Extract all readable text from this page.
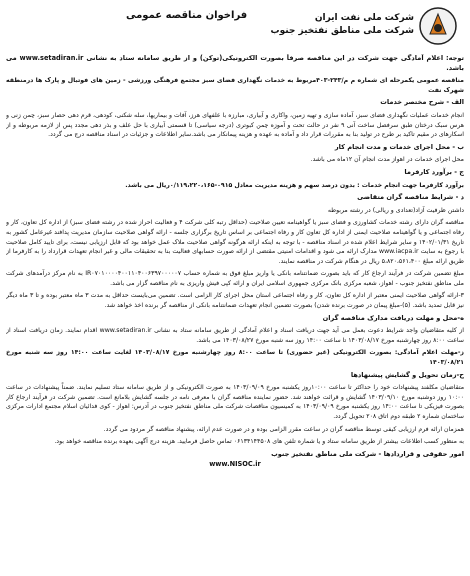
شرکت ملی نفت ایران
شرکت ملی مناطق نفتخیز جنوب
فراخوان مناقصه عمومی

توجه: اعلام آمادگی جهت شرکت در این مناقصه صرفاً بصورت الکترونیکی(توکن) و از طریق سامانه ستاد به نشانی www.setadiran.ir می باشد.

مناقصه عمومی یکمرحله ای شماره م م/۲۴۳-۴۰۳مربوط به خدمات نگهداری فضای سبز مجتمع فرهنگی ورزشی - زمین های فوتبال و پارک ها درمنطقه شهرک نفت

الف - شرح مختصر خدمات

انجام خدمات عملیات نگهداری فضای سبز، آماده سازی و تهیه زمین، واکاری و آبیاری، مبارزه با علفهای هرز، آفات و بیماریها، سله شکنی، کودهی، قرم دهی حصار سبز، چمن زنی و هرس سبک درختان طبق سرفصل ساخت آنی ۹ نفر در حالت تحت و آموزه چمن کبوتری (درجه سیاسی) تا قسمتی آبیاری با حل علف و بذر دهی مجدد پس از لازمه مربوطه و از اسکارهای در مقیم تاکید بر طرح در تولید بنا به مقررات قرار داد و آماده به عهده و هزینه پیمانکار می باشد.سایر اطلاعات و جزئیات در اسناد مناقصه درج می گردد.

ب - محل اجرای خدمات و مدت انجام کار

محل اجرای خدمات در اهواز مدت انجام آن ۱۲ماه می باشد.

ج - برآورد کارفرما

برآورد کارفرما جهت انجام خدمات : بدون درصد سهم و هزینه مدیریت معادل ۰۹۱۵-۰/۱۱۹،۲۲۰،۱۶۵ریال می باشد.

د - شرایط مناقصه گران متقاضی

داشتن ظرفیت آزاد(تعدادی و ریالی) در رشته مربوطه

مناقصه گران دارای رشته خدمات کشاورزی و فضای سبز یا گواهینامه تعیین صلاحیت (حداقل رتبه کلی شرکت ۴ و فعالیت احراز شده در رشته فضای سبز) از اداره کل تعاون، کار و رفاه اجتماعی و یا گواهینامه صلاحیت ایمنی از اداره کل تعاون کار و رفاه اجتماعی بر اساس تاریخ برگزاری جلسه - ارائه گواهی صلاحیت سازمان مدیریت پدافند غیرعامل کشور به تاریخ ۱۴۰۲/۰۱/۳۱ و سایر شرایط اعلام شده در اسناد مناقصه - با توجه به اینکه ارائه هرگونه گواهی صلاحیت ملاک عمل خواهد بود که قابل ارزیابی نیست، برای تایید کامل صلاحیت با رجوع به سایت www.iacpa.ir مدارک ارائه می شود و اقدامات امنیتی مقتضی از ارائه صورت حسابهای فعالیت بنا به تحقیقات مالی و غیر انجام تعهدات قرارداد را به کارفرما از طریق ارائه مبلغ ۵،۸۲۰،۵۶۱،۴۰۰ ریال در هنگام شرکت در مناقصه نمایند.

مبلغ تضمین شرکت در فرآیند ارجاع کار که باید بصورت ضمانتنامه بانکی یا واریز مبلغ فوق به شماره حساب IR۰۷۰۱۰۰۰۰۴۰۰۱۱۰۴۰۰۶۳۹۷۰۰۰۰۰۷ به نام مرکز درآمدهای شرکت ملی مناطق نفتخیز جنوب - اهواز، شعبه مرکزی بانک مرکزی جمهوری اسلامی ایران و ارائه کپی فیش واریزی به نام مناقصه گزار می باشد.

۳-ارائه گواهی صلاحیت ایمنی معتبر از اداره کل تعاون، کار و رفاه اجتماعی استان محل اجرای کار الزامی است. تضمین می‌بایست حداقل به مدت ۳ ماه معتبر بوده و تا ۳ ماه دیگر نیز قابل تمدید باشد. (۵)-مبلغ پیمان در صورت برنده شدن) بصورت تضمین انجام تعهدات ضمانتنامه بانکی از مناقصه گر برنده اخذ خواهد شد.

ه-محل و مهلت دریافت مدارک مناقصه گران

از کلیه متقاضیان واجد شرایط دعوت بعمل می آید جهت دریافت اسناد و اعلام آمادگی از طریق سامانه ستاد به نشانی www.setadiran.ir اقدام نمایند. زمان دریافت اسناد از ساعت ۸:۰۰ روز چهارشنبه مورخ ۱۴۰۳/۰۸/۱۷ تا ساعت ۱۴:۰۰ روز سه شنبه مورخ ۱۴۰۳/۰۸/۲۷ می باشد.

ز-مهلت اعلام آمادگی: بصورت الکترونیکی (غیر حضوری) تا ساعت ۸:۰۰ روز چهارشنبه مورخ ۱۴۰۳/۰۸/۱۷ لغایت ساعت ۱۴:۰۰ روز سه شنبه مورخ ۱۴۰۳/۰۸/۲۱

ح-زمان تحویل و گشایش پیشنهادها

متقاضیان مکلفند پیشنهادات خود را حداکثر تا ساعت ۱۰:۰۰روز یکشنبه مورخ ۱۴۰۳/۰۹/۰۹ به صورت الکترونیکی و از طریق سامانه ستاد تسلیم نمایند. ضمناً پیشنهادات در ساعت ۱۰:۰۰ روز دوشنبه مورخ ۱۴۰۳/۰۹/۱۰ گشایش و قرائت خواهند شد. حضور نماینده مناقصه گران با معرفی نامه در جلسه گشایش بلامانع است. تضمین شرکت در فرآیند ارجاع کار بصورت فیزیکی تا ساعت ۱۴:۰۰ روز یکشنبه مورخ ۱۴۰۳/۰۹/۰۹ به کمیسیون مناقصات شرکت ملی مناطق نفتخیز جنوب در آدرس: اهواز - کوی فدائیان اسلام مجتمع ادارات مرکزی ساختمان شماره ۲ طبقه دوم اتاق ۲۰۸ تحویل گردد.

همزمان ارائه فرم ارزیابی کیفی توسط مناقصه گران در ساعت مقرر الزامی بوده و در صورت عدم ارائه، پیشنهاد مناقصه گر مردود می گردد.

به منظور کسب اطلاعات بیشتر از طریق سامانه ستاد و یا شماره تلفن های ۰۶۱۳۴۱۴۴۵۰۸ تماس حاصل فرمایید. هزینه درج آگهی بعهده برنده مناقصه خواهد بود.

امور حقوقی و قراردادها - شرکت ملی مناطق نفتخیز جنوب
www.NISOC.ir
